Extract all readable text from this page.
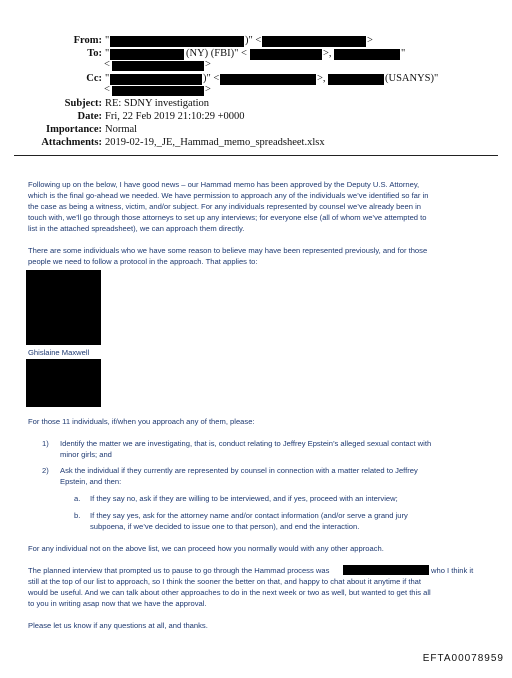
From: "	)" <	>
To: "	(NY) (FBI)" <	>,	"
<	>
Cc: "	)" <	>,	(USANYS)"
<	>
Subject: RE: SDNY investigation
Date: Fri, 22 Feb 2019 21:10:29 +0000
Importance: Normal
Attachments: 2019-02-19,_JE,_Hammad_memo_spreadsheet.xlsx
Following up on the below, I have good news – our Hammad memo has been approved by the Deputy U.S. Attorney,
which is the final go-ahead we needed. We have permission to approach any of the individuals we’ve identified so far in
the case as being a witness, victim, and/or subject. For any individuals represented by counsel we’ve already been in
touch with, we’ll go through those attorneys to set up any interviews; for everyone else (all of whom we’ve attempted to
list in the attached spreadsheet), we can approach them directly.
There are some individuals who we have some reason to believe may have been represented previously, and for those
people we need to follow a protocol in the approach. That applies to:
Ghislaine Maxwell
For those 11 individuals, if/when you approach any of them, please:
1) Identify the matter we are investigating, that is, conduct relating to Jeffrey Epstein’s alleged sexual contact with
minor girls; and
2) Ask the individual if they currently are represented by counsel in connection with a matter related to Jeffrey
Epstein, and then:
a. If they say no, ask if they are willing to be interviewed, and if yes, proceed with an interview;
b. If they say yes, ask for the attorney name and/or contact information (and/or serve a grand jury
subpoena, if we’ve decided to issue one to that person), and end the interaction.
For any individual not on the above list, we can proceed how you normally would with any other approach.
The planned interview that prompted us to pause to go through the Hammad process was	who I think it
still at the top of our list to approach, so I think the sooner the better on that, and happy to chat about it anytime if that
would be useful. And we can talk about other approaches to do in the next week or two as well, but wanted to get this all
to you in writing asap now that we have the approval.
Please let us know if any questions at all, and thanks.
EFTA00078959
